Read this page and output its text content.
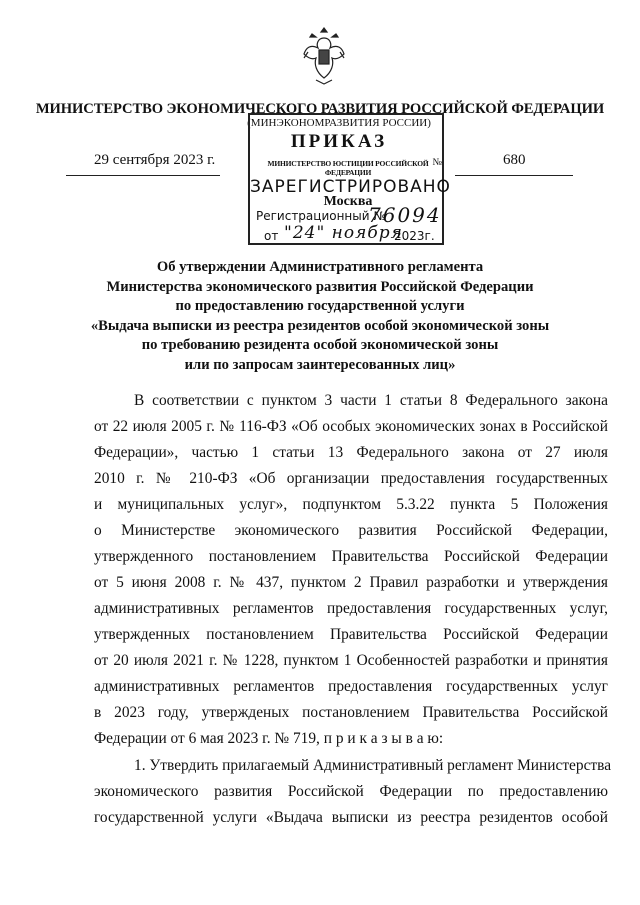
МИНИСТЕРСТВО ЭКОНОМИЧЕСКОГО РАЗВИТИЯ РОССИЙСКОЙ ФЕДЕРАЦИИ
(МИНЭКОНОМРАЗВИТИЯ РОССИИ)
ПРИКАЗ
29 сентября 2023 г.	680
МИНИСТЕРСТВО ЮСТИЦИИ РОССИЙСКОЙ ФЕДЕРАЦИИ
№
ЗАРЕГИСТРИРОВАНО
Москва
Регистрационный №
76094
от "24" ноября
2023г.
Об утверждении Административного регламента
Министерства экономического развития Российской Федерации
по предоставлению государственной услуги
«Выдача выписки из реестра резидентов особой экономической зоны
по требованию резидента особой экономической зоны
или по запросам заинтересованных лиц»
В соответствии с пунктом 3 части 1 статьи 8 Федерального закона
от 22 июля 2005 г. № 116-ФЗ «Об особых экономических зонах в Российской
Федерации», частью 1 статьи 13 Федерального закона от 27 июля
2010 г. № 210-ФЗ «Об организации предоставления государственных
и муниципальных услуг», подпунктом 5.3.22 пункта 5 Положения
о Министерстве экономического развития Российской Федерации,
утвержденного постановлением Правительства Российской Федерации
от 5 июня 2008 г. № 437, пунктом 2 Правил разработки и утверждения
административных регламентов предоставления государственных услуг,
утвержденных постановлением Правительства Российской Федерации
от 20 июля 2021 г. № 1228, пунктом 1 Особенностей разработки и принятия
административных регламентов предоставления государственных услуг
в 2023 году, утвержденых постановлением Правительства Российской
Федерации от 6 мая 2023 г. № 719, п р и к а з ы в а ю:
1. Утвердить прилагаемый Административный регламент Министерства
экономического развития Российской Федерации по предоставлению
государственной услуги «Выдача выписки из реестра резидентов особой
